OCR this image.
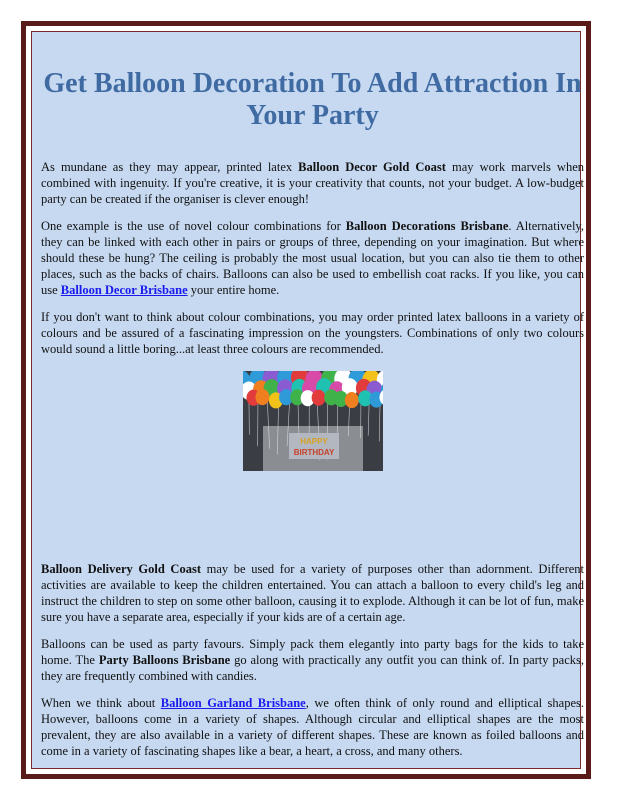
Get Balloon Decoration To Add Attraction In Your Party

As mundane as they may appear, printed latex Balloon Decor Gold Coast may work marvels when combined with ingenuity. If you're creative, it is your creativity that counts, not your budget. A low-budget party can be created if the organiser is clever enough!

One example is the use of novel colour combinations for Balloon Decorations Brisbane. Alternatively, they can be linked with each other in pairs or groups of three, depending on your imagination. But where should these be hung? The ceiling is probably the most usual location, but you can also tie them to other places, such as the backs of chairs. Balloons can also be used to embellish coat racks. If you like, you can use Balloon Decor Brisbane your entire home.

If you don't want to think about colour combinations, you may order printed latex balloons in a variety of colours and be assured of a fascinating impression on the youngsters. Combinations of only two colours would sound a little boring...at least three colours are recommended.

HAPPY
BIRTHDAY

Balloon Delivery Gold Coast may be used for a variety of purposes other than adornment. Different activities are available to keep the children entertained. You can attach a balloon to every child's leg and instruct the children to step on some other balloon, causing it to explode. Although it can be lot of fun, make sure you have a separate area, especially if your kids are of a certain age.

Balloons can be used as party favours. Simply pack them elegantly into party bags for the kids to take home. The Party Balloons Brisbane go along with practically any outfit you can think of. In party packs, they are frequently combined with candies.

When we think about Balloon Garland Brisbane, we often think of only round and elliptical shapes. However, balloons come in a variety of shapes. Although circular and elliptical shapes are the most prevalent, they are also available in a variety of different shapes. These are known as foiled balloons and come in a variety of fascinating shapes like a bear, a heart, a cross, and many others.
